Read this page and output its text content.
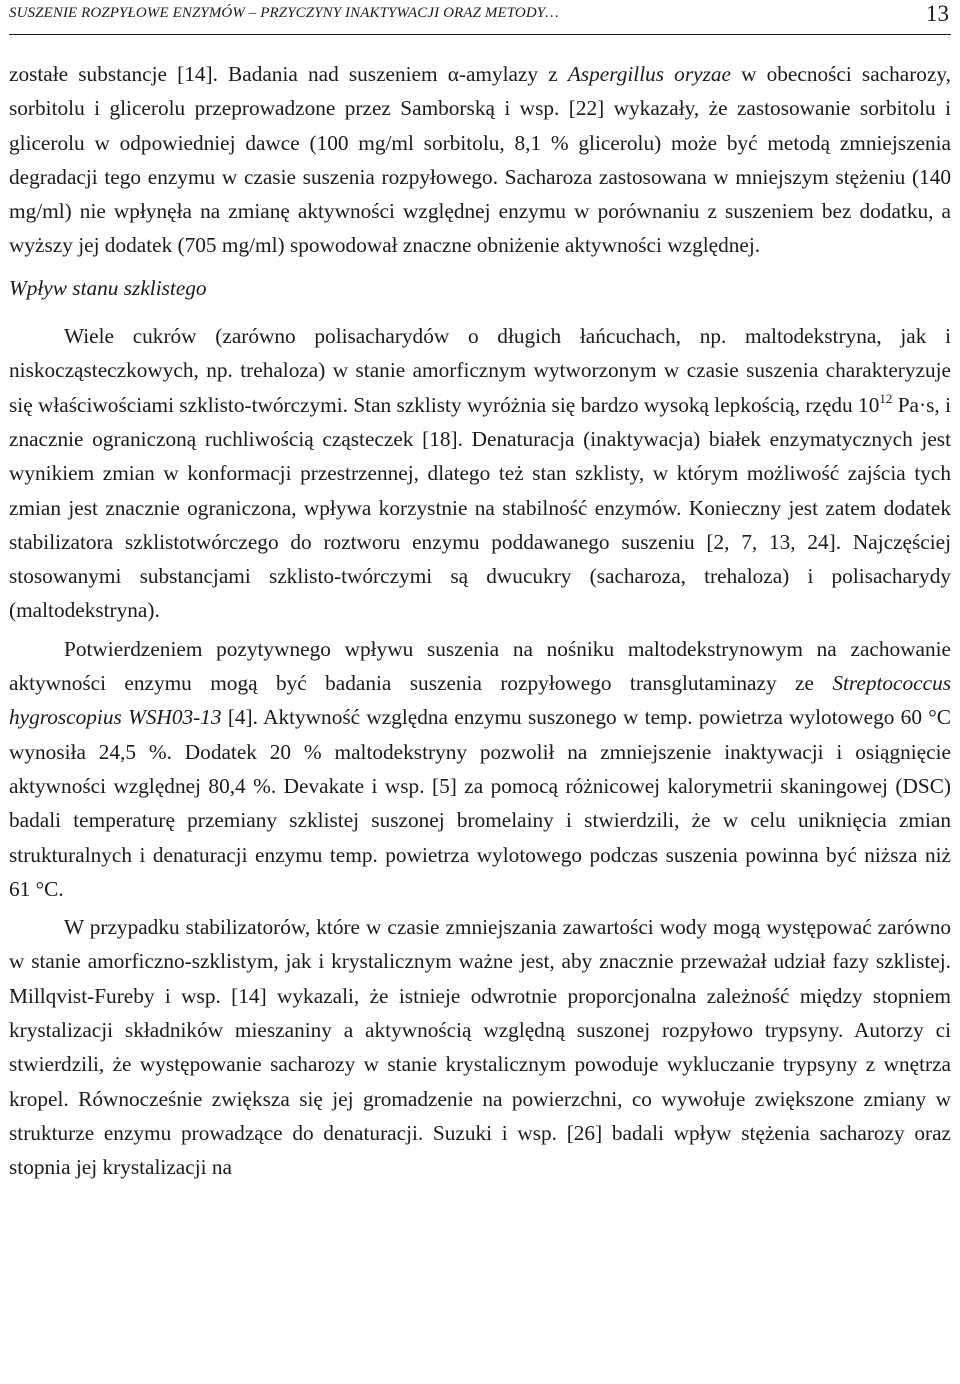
SUSZENIE ROZPYŁOWE ENZYMÓW – PRZYCZYNY INAKTYWACJI ORAZ METODY…	13

zostałe substancje [14]. Badania nad suszeniem α-amylazy z Aspergillus oryzae w obecności sacharozy, sorbitolu i glicerolu przeprowadzone przez Samborską i wsp. [22] wykazały, że zastosowanie sorbitolu i glicerolu w odpowiedniej dawce (100 mg/ml sorbitolu, 8,1 % glicerolu) może być metodą zmniejszenia degradacji tego enzymu w czasie suszenia rozpyłowego. Sacharoza zastosowana w mniejszym stężeniu (140 mg/ml) nie wpłynęła na zmianę aktywności względnej enzymu w porównaniu z suszeniem bez dodatku, a wyższy jej dodatek (705 mg/ml) spowodował znaczne obniżenie aktywności względnej.

Wpływ stanu szklistego

Wiele cukrów (zarówno polisacharydów o długich łańcuchach, np. maltodekstryna, jak i niskocząsteczkowych, np. trehaloza) w stanie amorficznym wytworzonym w czasie suszenia charakteryzuje się właściwościami szklisto-twórczymi. Stan szklisty wyróżnia się bardzo wysoką lepkością, rzędu $10^{12}$ Pa·s, i znacznie ograniczoną ruchliwością cząsteczek [18]. Denaturacja (inaktywacja) białek enzymatycznych jest wynikiem zmian w konformacji przestrzennej, dlatego też stan szklisty, w którym możliwość zajścia tych zmian jest znacznie ograniczona, wpływa korzystnie na stabilność enzymów. Konieczny jest zatem dodatek stabilizatora szklistotwórczego do roztworu enzymu poddawanego suszeniu [2, 7, 13, 24]. Najczęściej stosowanymi substancjami szklisto-twórczymi są dwucukry (sacharoza, trehaloza) i polisacharydy (maltodekstryna).

Potwierdzeniem pozytywnego wpływu suszenia na nośniku maltodekstrynowym na zachowanie aktywności enzymu mogą być badania suszenia rozpyłowego transglutaminazy ze Streptococcus hygroscopius WSH03-13 [4]. Aktywność względna enzymu suszonego w temp. powietrza wylotowego 60 °C wynosiła 24,5 %. Dodatek 20 % maltodekstryny pozwolił na zmniejszenie inaktywacji i osiągnięcie aktywności względnej 80,4 %. Devakate i wsp. [5] za pomocą różnicowej kalorymetrii skaningowej (DSC) badali temperaturę przemiany szklistej suszonej bromelainy i stwierdzili, że w celu uniknięcia zmian strukturalnych i denaturacji enzymu temp. powietrza wylotowego podczas suszenia powinna być niższa niż 61 °C.

W przypadku stabilizatorów, które w czasie zmniejszania zawartości wody mogą występować zarówno w stanie amorficzno-szklistym, jak i krystalicznym ważne jest, aby znacznie przeważał udział fazy szklistej. Millqvist-Fureby i wsp. [14] wykazali, że istnieje odwrotnie proporcjonalna zależność między stopniem krystalizacji składników mieszaniny a aktywnością względną suszonej rozpyłowo trypsyny. Autorzy ci stwierdzili, że występowanie sacharozy w stanie krystalicznym powoduje wykluczanie trypsyny z wnętrza kropel. Równocześnie zwiększa się jej gromadzenie na powierzchni, co wywołuje zwiększone zmiany w strukturze enzymu prowadzące do denaturacji. Suzuki i wsp. [26] badali wpływ stężenia sacharozy oraz stopnia jej krystalizacji na
